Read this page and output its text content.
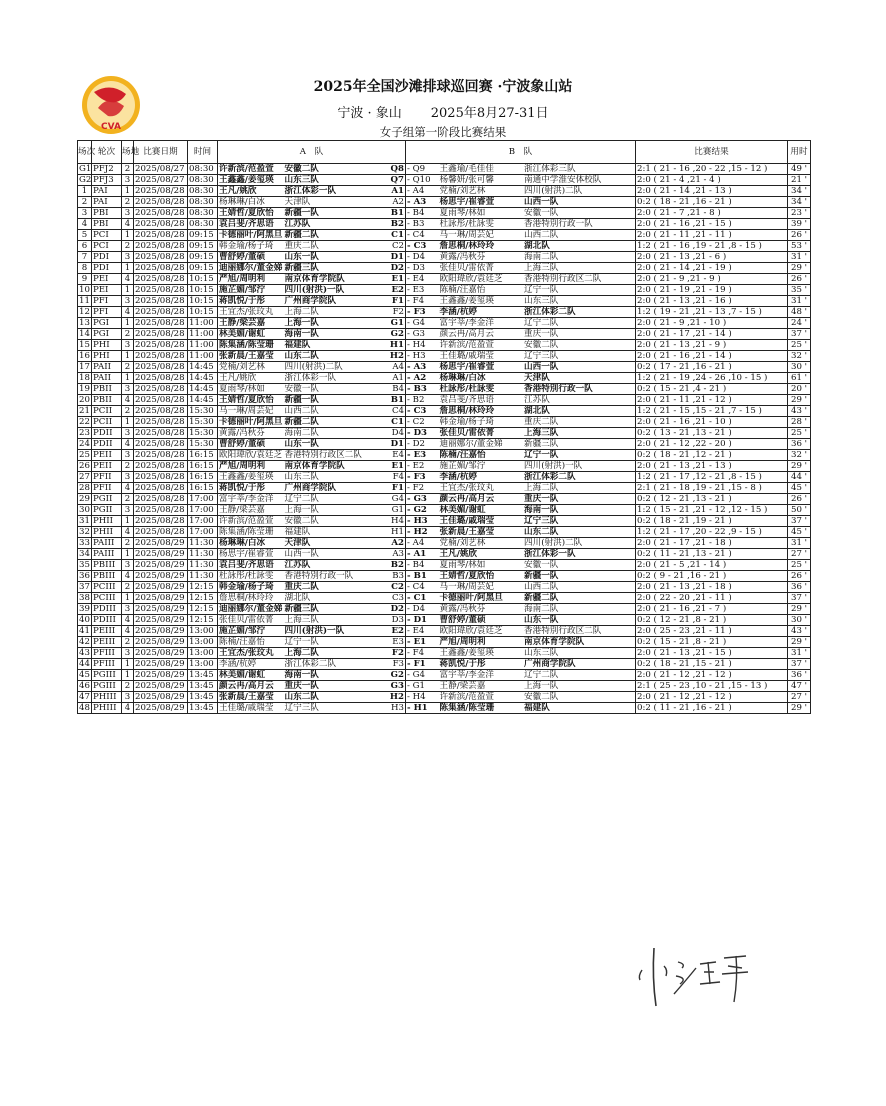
CVA
2025年全国沙滩排球巡回赛 ·宁波象山站
宁波 · 象山 2025年8月27-31日
女子组第一阶段比赛结果
场次	轮次	场地	比赛日期	时间	A　队	B　队	比赛结果	用时
G1	PFJ2	2	2025/08/27	08:30	许新滨/范盈萱 安徽二队 Q8	- Q9 王鑫瑜/毛佳佳 浙江体彩三队	2:1 ( 21 - 16 ,20 - 22 ,15 - 12 )	49 '
G2	PFJ3	3	2025/08/27	08:30	王鑫鑫/姜玺瑛 山东三队 Q7	- Q10 杨馨妍/张可馨 南通中学淮安体校队	2:0 ( 21 - 4 ,21 - 4 )	21 '
1	PAI	1	2025/08/28	08:30	王凡/姚欣 浙江体彩一队 A1	- A4 党楠/刘艺林 四川(射洪)二队	2:0 ( 21 - 14 ,21 - 13 )	34 '
2	PAI	2	2025/08/28	08:30	杨琳琳/白冰 天津队 A2	- A3 杨思宇/崔睿萱 山西一队	0:2 ( 18 - 21 ,16 - 21 )	34 '
3	PBI	3	2025/08/28	08:30	王婧哲/夏欣怡 新疆一队 B1	- B4 夏雨琴/林如 安徽一队	2:0 ( 21 - 7 ,21 - 8 )	23 '
4	PBI	4	2025/08/28	08:30	袁吕斐/齐思语 江苏队 B2	- B3 杜詠彤/杜詠雯 香港特別行政一队	2:0 ( 21 - 16 ,21 - 15 )	39 '
5	PCI	1	2025/08/28	09:15	卡德丽叶/阿黑旦 新疆二队 C1	- C4 马一琳/周芸妃 山西二队	2:0 ( 21 - 11 ,21 - 11 )	26 '
6	PCI	2	2025/08/28	09:15	韩金瑜/杨子琦 重庆二队 C2	- C3 詹思桐/林玲玲 湖北队	1:2 ( 21 - 16 ,19 - 21 ,8 - 15 )	53 '
7	PDI	3	2025/08/28	09:15	曹舒婷/董硕 山东一队 D1	- D4 黄露/冯秋芬 海南二队	2:0 ( 21 - 13 ,21 - 6 )	31 '
8	PDI	1	2025/08/28	09:15	迪丽娜尔/董金娣 新疆三队 D2	- D3 张佳贝/雷依菁 上海三队	2:0 ( 21 - 14 ,21 - 19 )	29 '
9	PEI	4	2025/08/28	10:15	严旭/周明利 南京体育学院队 E1	- E4 欧阳瑋欣/袁廷芝 香港特別行政区二队	2:0 ( 21 - 9 ,21 - 9 )	26 '
10	PEI	1	2025/08/28	10:15	施芷媚/邹泞 四川(射洪)一队 E2	- E3 陈楠/汪嘉怡 辽宁一队	2:0 ( 21 - 19 ,21 - 19 )	35 '
11	PFI	3	2025/08/28	10:15	蒋凯悦/于彤 广州商学院队 F1	- F4 王鑫鑫/姜玺瑛 山东三队	2:0 ( 21 - 13 ,21 - 16 )	31 '
12	PFI	4	2025/08/28	10:15	王宜杰/张玟丸 上海二队 F2	- F3 李涵/杭婷 浙江体彩二队	1:2 ( 19 - 21 ,21 - 13 ,7 - 15 )	48 '
13	PGI	1	2025/08/28	11:00	王静/梁芸嘉 上海一队 G1	- G4 富宇莘/李金洋 辽宁二队	2:0 ( 21 - 9 ,21 - 10 )	24 '
14	PGI	2	2025/08/28	11:00	林美媚/谢虹 海南一队 G2	- G3 颜云冉/高月云 重庆一队	2:0 ( 21 - 17 ,21 - 14 )	37 '
15	PHI	3	2025/08/28	11:00	陈集涵/陈莹珊 福建队 H1	- H4 许新滨/范盈萱 安徽二队	2:0 ( 21 - 13 ,21 - 9 )	25 '
16	PHI	1	2025/08/28	11:00	张新晨/王嘉莹 山东二队 H2	- H3 王佳璐/戚瑞莹 辽宁三队	2:0 ( 21 - 16 ,21 - 14 )	32 '
17	PAII	2	2025/08/28	14:45	党楠/刘艺林 四川(射洪)二队 A4	- A3 杨思宇/崔睿萱 山西一队	0:2 ( 17 - 21 ,16 - 21 )	30 '
18	PAII	1	2025/08/28	14:45	王凡/姚欣 浙江体彩一队 A1	- A2 杨琳琳/白冰 天津队	1:2 ( 21 - 19 ,24 - 26 ,10 - 15 )	61 '
19	PBII	3	2025/08/28	14:45	夏雨琴/林如 安徽一队 B4	- B3 杜詠彤/杜詠雯 香港特別行政一队	0:2 ( 15 - 21 ,4 - 21 )	20 '
20	PBII	4	2025/08/28	14:45	王婧哲/夏欣怡 新疆一队 B1	- B2 袁吕斐/齐思语 江苏队	2:0 ( 21 - 11 ,21 - 12 )	29 '
21	PCII	2	2025/08/28	15:30	马一琳/周芸妃 山西二队 C4	- C3 詹思桐/林玲玲 湖北队	1:2 ( 21 - 15 ,15 - 21 ,7 - 15 )	43 '
22	PCII	1	2025/08/28	15:30	卡德丽叶/阿黑旦 新疆二队 C1	- C2 韩金瑜/杨子琦 重庆二队	2:0 ( 21 - 16 ,21 - 10 )	28 '
23	PDII	3	2025/08/28	15:30	黄露/冯秋芬 海南二队 D4	- D3 张佳贝/雷依菁 上海三队	0:2 ( 13 - 21 ,13 - 21 )	25 '
24	PDII	4	2025/08/28	15:30	曹舒婷/董硕 山东一队 D1	- D2 迪丽娜尔/董金娣 新疆三队	2:0 ( 21 - 12 ,22 - 20 )	36 '
25	PEII	3	2025/08/28	16:15	欧阳瑋欣/袁廷芝 香港特別行政区二队 E4	- E3 陈楠/汪嘉怡 辽宁一队	0:2 ( 18 - 21 ,12 - 21 )	32 '
26	PEII	2	2025/08/28	16:15	严旭/周明利 南京体育学院队 E1	- E2 施芷媚/邹泞 四川(射洪)一队	2:0 ( 21 - 13 ,21 - 13 )	29 '
27	PFII	3	2025/08/28	16:15	王鑫鑫/姜玺瑛 山东三队 F4	- F3 李涵/杭婷 浙江体彩二队	1:2 ( 21 - 17 ,12 - 21 ,8 - 15 )	44 '
28	PFII	4	2025/08/28	16:15	蒋凯悦/于彤 广州商学院队 F1	- F2 王宜杰/张玟丸 上海二队	2:1 ( 21 - 18 ,19 - 21 ,15 - 8 )	45 '
29	PGII	2	2025/08/28	17:00	富宇莘/李金洋 辽宁二队 G4	- G3 颜云冉/高月云 重庆一队	0:2 ( 12 - 21 ,13 - 21 )	26 '
30	PGII	3	2025/08/28	17:00	王静/梁芸嘉 上海一队 G1	- G2 林美媚/谢虹 海南一队	1:2 ( 15 - 21 ,21 - 12 ,12 - 15 )	50 '
31	PHII	1	2025/08/28	17:00	许新滨/范盈萱 安徽二队 H4	- H3 王佳璐/戚瑞莹 辽宁三队	0:2 ( 18 - 21 ,19 - 21 )	37 '
32	PHII	4	2025/08/28	17:00	陈集涵/陈莹珊 福建队 H1	- H2 张新晨/王嘉莹 山东二队	1:2 ( 21 - 17 ,20 - 22 ,9 - 15 )	45 '
33	PAIII	2	2025/08/29	11:30	杨琳琳/白冰 天津队 A2	- A4 党楠/刘艺林 四川(射洪)二队	2:0 ( 21 - 17 ,21 - 18 )	31 '
34	PAIII	1	2025/08/29	11:30	杨思宇/崔睿萱 山西一队 A3	- A1 王凡/姚欣 浙江体彩一队	0:2 ( 11 - 21 ,13 - 21 )	27 '
35	PBIII	3	2025/08/29	11:30	袁吕斐/齐思语 江苏队 B2	- B4 夏雨琴/林如 安徽一队	2:0 ( 21 - 5 ,21 - 14 )	25 '
36	PBIII	4	2025/08/29	11:30	杜詠彤/杜詠雯 香港特別行政一队 B3	- B1 王婧哲/夏欣怡 新疆一队	0:2 ( 9 - 21 ,16 - 21 )	26 '
37	PCIII	2	2025/08/29	12:15	韩金瑜/杨子琦 重庆二队 C2	- C4 马一琳/周芸妃 山西二队	2:0 ( 21 - 13 ,21 - 18 )	36 '
38	PCIII	1	2025/08/29	12:15	詹思桐/林玲玲 湖北队 C3	- C1 卡德丽叶/阿黑旦 新疆二队	2:0 ( 22 - 20 ,21 - 11 )	37 '
39	PDIII	3	2025/08/29	12:15	迪丽娜尔/董金娣 新疆三队 D2	- D4 黄露/冯秋芬 海南二队	2:0 ( 21 - 16 ,21 - 7 )	29 '
40	PDIII	4	2025/08/29	12:15	张佳贝/雷依菁 上海三队 D3	- D1 曹舒婷/董硕 山东一队	0:2 ( 12 - 21 ,8 - 21 )	30 '
41	PEIII	4	2025/08/29	13:00	施芷媚/邹泞 四川(射洪)一队 E2	- E4 欧阳瑋欣/袁廷芝 香港特別行政区二队	2:0 ( 25 - 23 ,21 - 11 )	43 '
42	PEIII	2	2025/08/29	13:00	陈楠/汪嘉怡 辽宁一队 E3	- E1 严旭/周明利 南京体育学院队	0:2 ( 15 - 21 ,8 - 21 )	29 '
43	PFIII	3	2025/08/29	13:00	王宜杰/张玟丸 上海二队 F2	- F4 王鑫鑫/姜玺瑛 山东三队	2:0 ( 21 - 13 ,21 - 15 )	31 '
44	PFIII	1	2025/08/29	13:00	李涵/杭婷 浙江体彩二队 F3	- F1 蒋凯悦/于彤 广州商学院队	0:2 ( 18 - 21 ,15 - 21 )	37 '
45	PGIII	1	2025/08/29	13:45	林美媚/谢虹 海南一队 G2	- G4 富宇莘/李金洋 辽宁二队	2:0 ( 21 - 12 ,21 - 12 )	36 '
46	PGIII	2	2025/08/29	13:45	颜云冉/高月云 重庆一队 G3	- G1 王静/梁芸嘉 上海一队	2:1 ( 25 - 23 ,10 - 21 ,15 - 13 )	47 '
47	PHIII	3	2025/08/29	13:45	张新晨/王嘉莹 山东二队 H2	- H4 许新滨/范盈萱 安徽二队	2:0 ( 21 - 12 ,21 - 12 )	27 '
48	PHIII	4	2025/08/29	13:45	王佳璐/戚瑞莹 辽宁三队 H3	- H1 陈集涵/陈莹珊 福建队	0:2 ( 11 - 21 ,16 - 21 )	29 '
